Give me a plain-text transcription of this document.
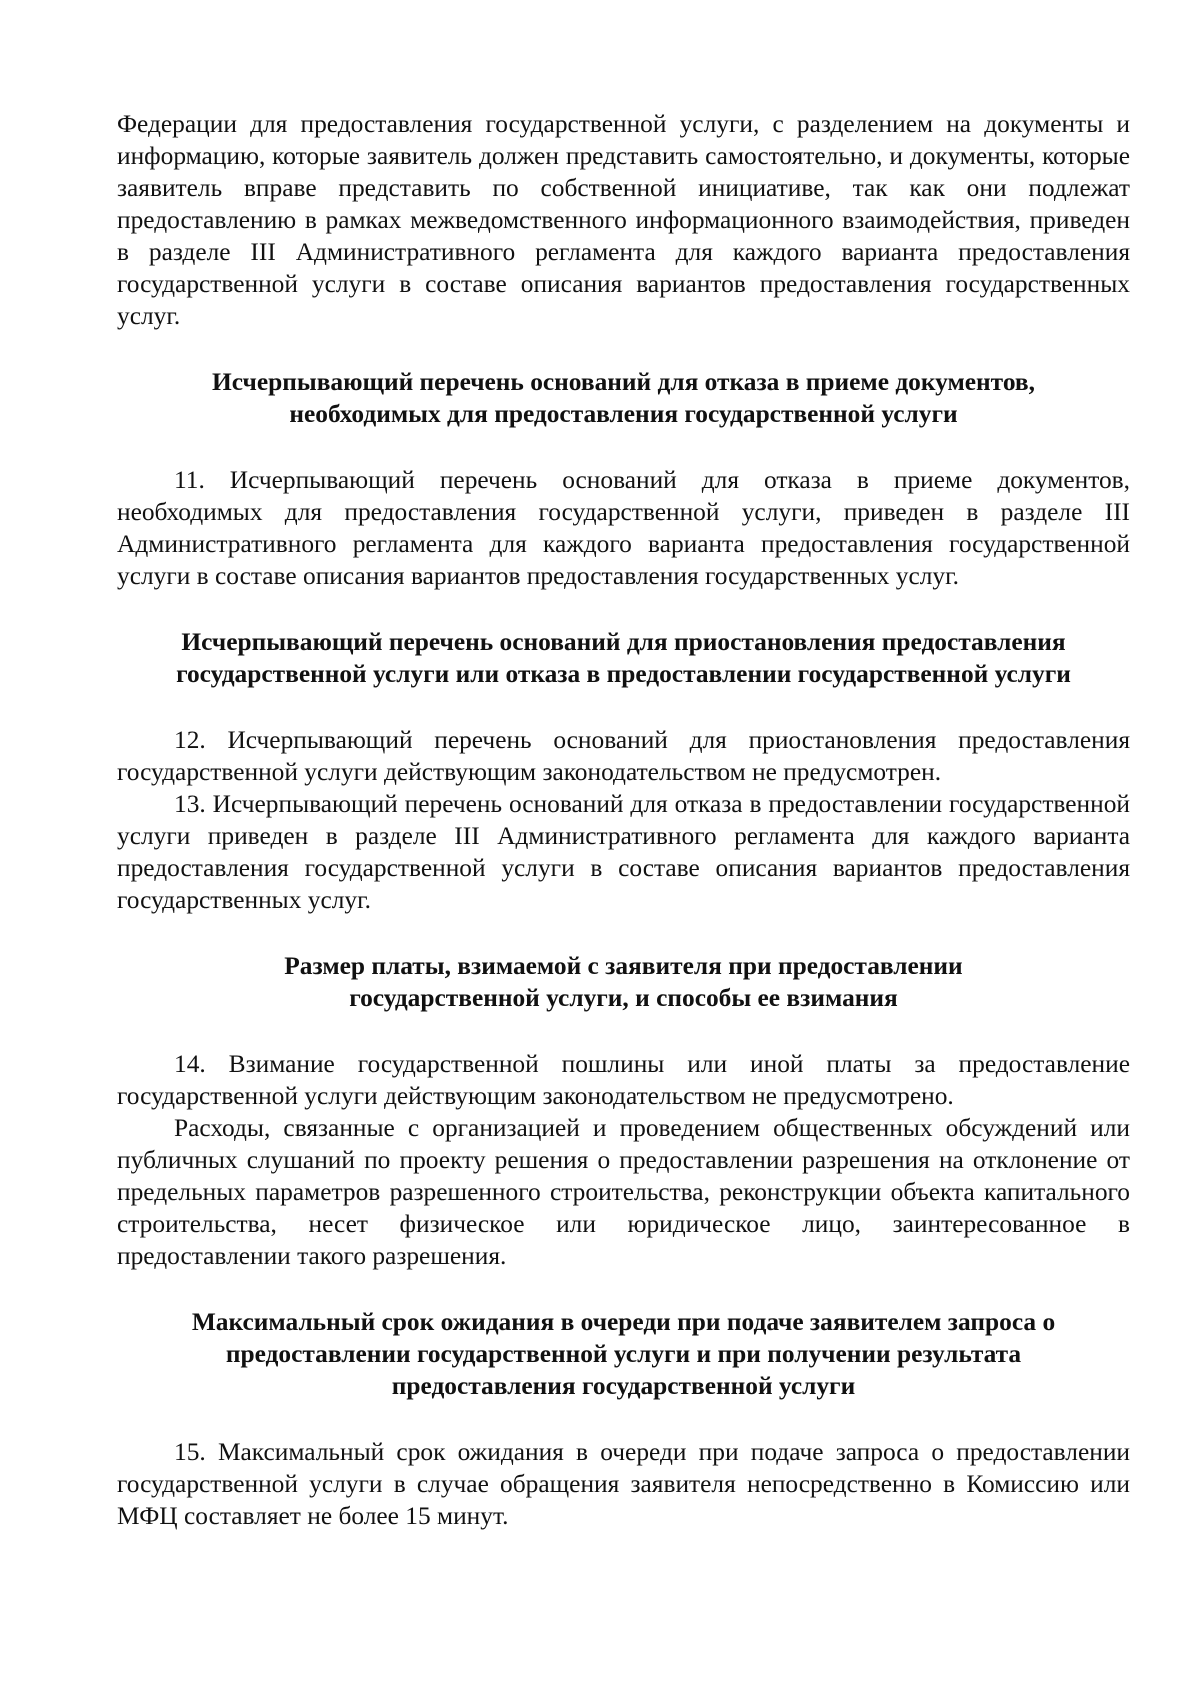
Федерации для предоставления государственной услуги, с разделением на документы и информацию, которые заявитель должен представить самостоятельно, и документы, которые заявитель вправе представить по собственной инициативе, так как они подлежат предоставлению в рамках межведомственного информационного взаимодействия, приведен в разделе III Административного регламента для каждого варианта предоставления государственной услуги в составе описания вариантов предоставления государственных услуг.

Исчерпывающий перечень оснований для отказа в приеме документов,
необходимых для предоставления государственной услуги

11. Исчерпывающий перечень оснований для отказа в приеме документов, необходимых для предоставления государственной услуги, приведен в разделе III Административного регламента для каждого варианта предоставления государственной услуги в составе описания вариантов предоставления государственных услуг.

Исчерпывающий перечень оснований для приостановления предоставления
государственной услуги или отказа в предоставлении государственной услуги

12. Исчерпывающий перечень оснований для приостановления предоставления государственной услуги действующим законодательством не предусмотрен.

13. Исчерпывающий перечень оснований для отказа в предоставлении государственной услуги приведен в разделе III Административного регламента для каждого варианта предоставления государственной услуги в составе описания вариантов предоставления государственных услуг.

Размер платы, взимаемой с заявителя при предоставлении
государственной услуги, и способы ее взимания

14. Взимание государственной пошлины или иной платы за предоставление государственной услуги действующим законодательством не предусмотрено.

Расходы, связанные с организацией и проведением общественных обсуждений или публичных слушаний по проекту решения о предоставлении разрешения на отклонение от предельных параметров разрешенного строительства, реконструкции объекта капитального строительства, несет физическое или юридическое лицо, заинтересованное в предоставлении такого разрешения.

Максимальный срок ожидания в очереди при подаче заявителем запроса о
предоставлении государственной услуги и при получении результата
предоставления государственной услуги

15. Максимальный срок ожидания в очереди при подаче запроса о предоставлении государственной услуги в случае обращения заявителя непосредственно в Комиссию или МФЦ составляет не более 15 минут.
